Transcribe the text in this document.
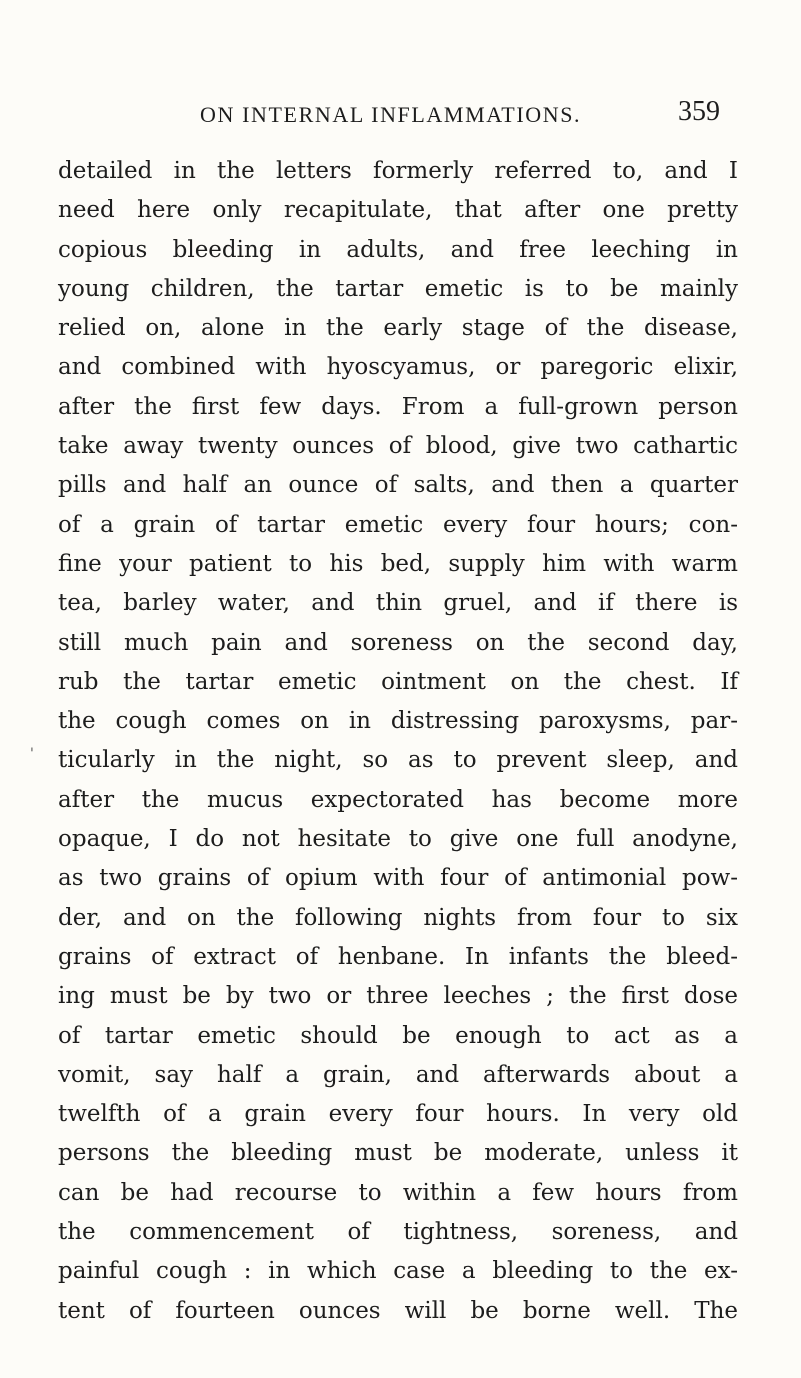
ON INTERNAL INFLAMMATIONS.	359
'
detailed in the letters formerly referred to, and I
need here only recapitulate, that after one pretty
copious bleeding in adults, and free leeching in
young children, the tartar emetic is to be mainly
relied on, alone in the early stage of the disease,
and combined with hyoscyamus, or paregoric elixir,
after the first few days. From a full-grown person
take away twenty ounces of blood, give two cathartic
pills and half an ounce of salts, and then a quarter
of a grain of tartar emetic every four hours; con-
fine your patient to his bed, supply him with warm
tea, barley water, and thin gruel, and if there is
still much pain and soreness on the second day,
rub the tartar emetic ointment on the chest. If
the cough comes on in distressing paroxysms, par-
ticularly in the night, so as to prevent sleep, and
after the mucus expectorated has become more
opaque, I do not hesitate to give one full anodyne,
as two grains of opium with four of antimonial pow-
der, and on the following nights from four to six
grains of extract of henbane. In infants the bleed-
ing must be by two or three leeches ; the first dose
of tartar emetic should be enough to act as a
vomit, say half a grain, and afterwards about a
twelfth of a grain every four hours. In very old
persons the bleeding must be moderate, unless it
can be had recourse to within a few hours from
the commencement of tightness, soreness, and
painful cough : in which case a bleeding to the ex-
tent of fourteen ounces will be borne well. The
